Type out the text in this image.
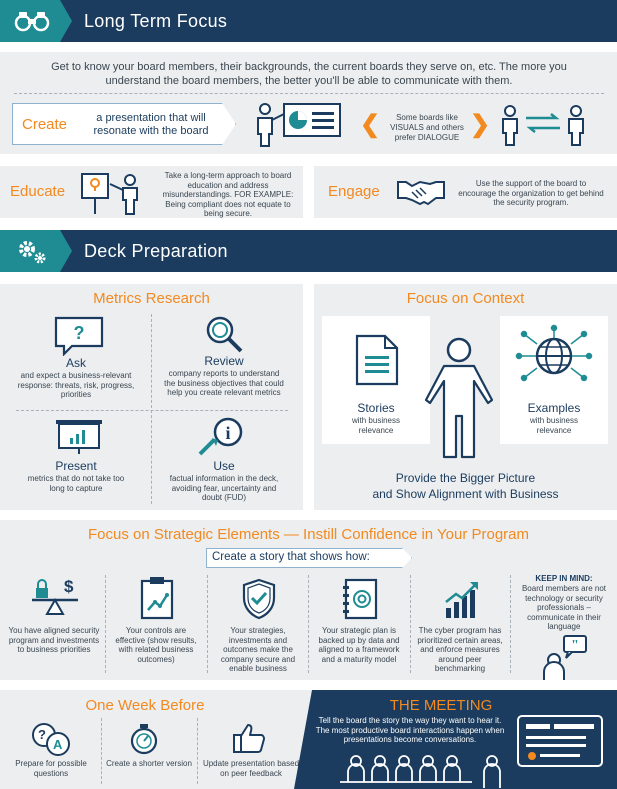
Long Term Focus
Get to know your board members, their backgrounds, the current boards they serve on, etc. The more you understand the board members, the better you'll be able to communicate with them.
Create	a presentation that will resonate with the board	❮	Some boards like VISUALS and others prefer DIALOGUE ❯
Educate
Take a long-term approach to board education and address misunderstandings. FOR EXAMPLE: Being compliant does not equate to being secure.
Engage	Use the support of the board to encourage the organization to get behind the security program.
Deck Preparation
Metrics Research
?
Ask
and expect a business-relevant response: threats, risk, progress, priorities
Review
company reports to understand the business objectives that could help you create relevant metrics
Present
metrics that do not take too long to capture
i
Use
factual information in the deck, avoiding fear, uncertainty and doubt (FUD)
Focus on Context
Stories
with business relevance
Examples
with business relevance
Provide the Bigger Picture
and Show Alignment with Business
Focus on Strategic Elements — Instill Confidence in Your Program
Create a story that shows how:
$
You have aligned security program and investments to business priorities
Your controls are effective (show results, with related business outcomes)
Your strategies, investments and outcomes make the company secure and enable business
Your strategic plan is backed up by data and aligned to a framework and a maturity model
The cyber program has prioritized certain areas, and enforce measures around peer benchmarking
KEEP IN MIND:
Board members are not technology or security professionals – communicate in their language
"
One Week Before
?
A
Prepare for possible questions
Create a shorter version	Update presentation based on peer feedback
THE MEETING
Tell the board the story the way they want to hear it. The most productive board interactions happen when presentations become conversations.
